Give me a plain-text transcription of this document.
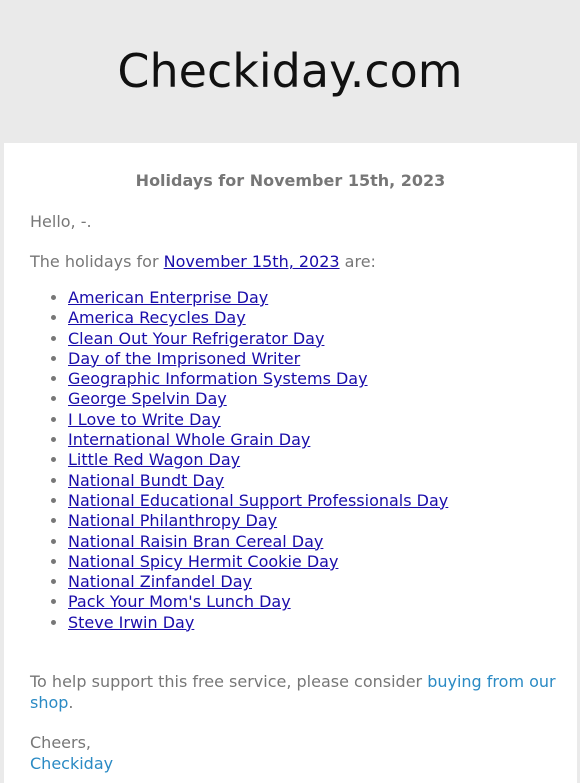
Checkiday.com
Holidays for November 15th, 2023
Hello, -.
The holidays for November 15th, 2023 are:
• American Enterprise Day
• America Recycles Day
• Clean Out Your Refrigerator Day
• Day of the Imprisoned Writer
• Geographic Information Systems Day
• George Spelvin Day
• I Love to Write Day
• International Whole Grain Day
• Little Red Wagon Day
• National Bundt Day
• National Educational Support Professionals Day
• National Philanthropy Day
• National Raisin Bran Cereal Day
• National Spicy Hermit Cookie Day
• National Zinfandel Day
• Pack Your Mom's Lunch Day
• Steve Irwin Day
To help support this free service, please consider buying from our shop.
Cheers,
Checkiday
